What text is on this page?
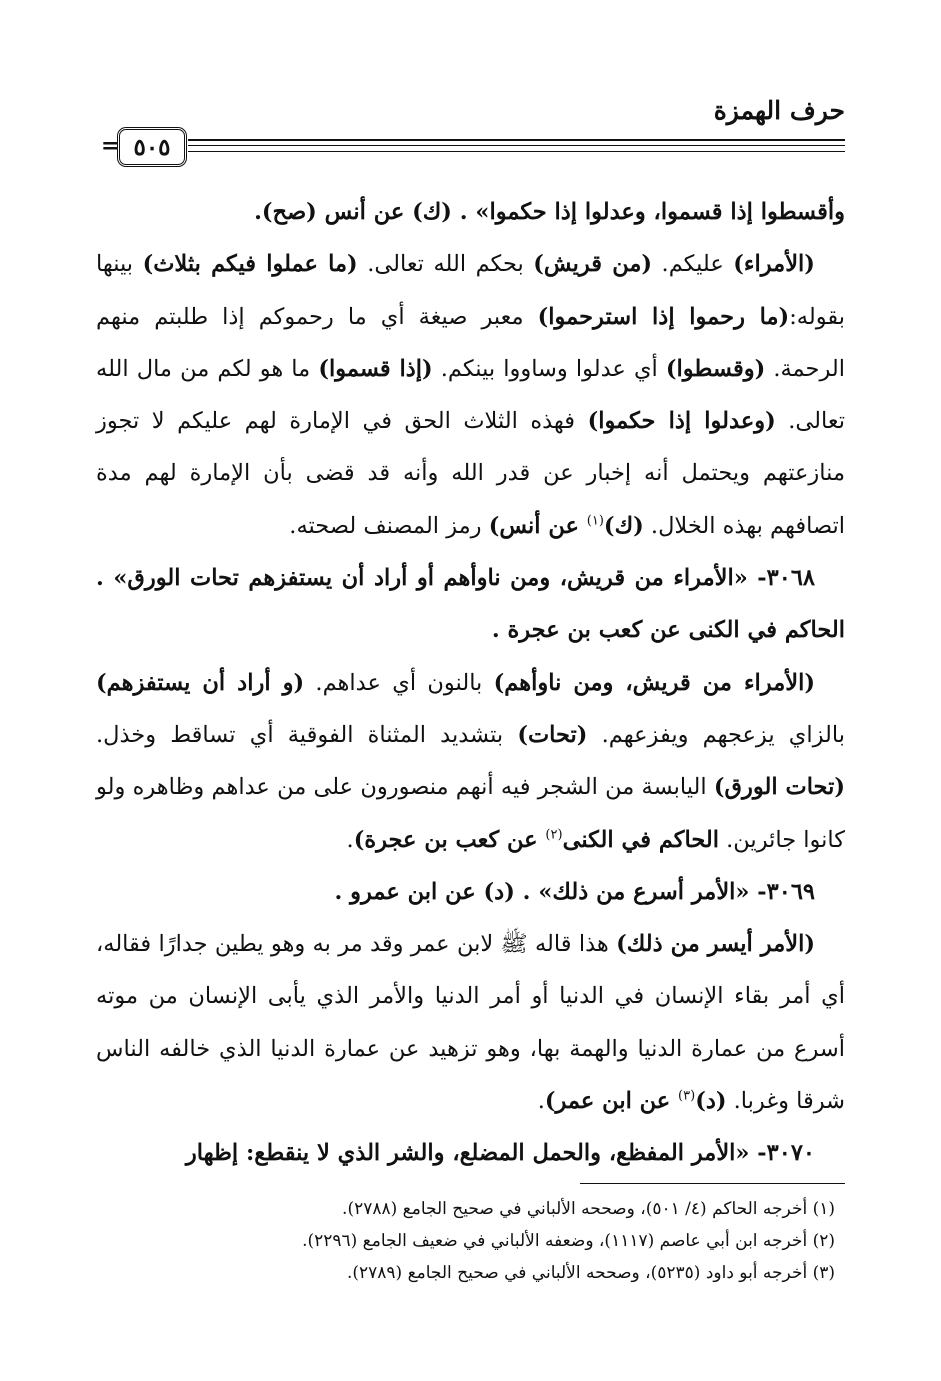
حرف الهمزة
= ٥٠٥

وأقسطوا إذا قسموا، وعدلوا إذا حكموا» . (ك) عن أنس (صح).

(الأمراء) عليكم. (من قريش) بحكم الله تعالى. (ما عملوا فيكم بثلاث) بينها بقوله:(ما رحموا إذا استرحموا) معبر صيغة أي ما رحموكم إذا طلبتم منهم الرحمة. (وقسطوا) أي عدلوا وساووا بينكم. (إذا قسموا) ما هو لكم من مال الله تعالى. (وعدلوا إذا حكموا) فهذه الثلاث الحق في الإمارة لهم عليكم لا تجوز منازعتهم ويحتمل أنه إخبار عن قدر الله وأنه قد قضى بأن الإمارة لهم مدة اتصافهم بهذه الخلال. (ك)$^{(١)}$ عن أنس) رمز المصنف لصحته.

٣٠٦٨- «الأمراء من قريش، ومن ناوأهم أو أراد أن يستفزهم تحات الورق» . الحاكم في الكنى عن كعب بن عجرة .

(الأمراء من قريش، ومن ناوأهم) بالنون أي عداهم. (و أراد أن يستفزهم) بالزاي يزعجهم ويفزعهم. (تحات) بتشديد المثناة الفوقية أي تساقط وخذل. (تحات الورق) اليابسة من الشجر فيه أنهم منصورون على من عداهم وظاهره ولو كانوا جائرين. الحاكم في الكنى$^{(٢)}$ عن كعب بن عجرة).

٣٠٦٩- «الأمر أسرع من ذلك» . (د) عن ابن عمرو .

(الأمر أيسر من ذلك) هذا قاله ﷺ لابن عمر وقد مر به وهو يطين جدارًا فقاله، أي أمر بقاء الإنسان في الدنيا أو أمر الدنيا والأمر الذي يأبى الإنسان من موته أسرع من عمارة الدنيا والهمة بها، وهو تزهيد عن عمارة الدنيا الذي خالفه الناس شرقا وغربا. (د)$^{(٣)}$ عن ابن عمر).

٣٠٧٠- «الأمر المفظع، والحمل المضلع، والشر الذي لا ينقطع: إظهار

(١) أخرجه الحاكم (٤/ ٥٠١)، وصححه الألباني في صحيح الجامع (٢٧٨٨).

(٢) أخرجه ابن أبي عاصم (١١١٧)، وضعفه الألباني في ضعيف الجامع (٢٢٩٦).

(٣) أخرجه أبو داود (٥٢٣٥)، وصححه الألباني في صحيح الجامع (٢٧٨٩).
